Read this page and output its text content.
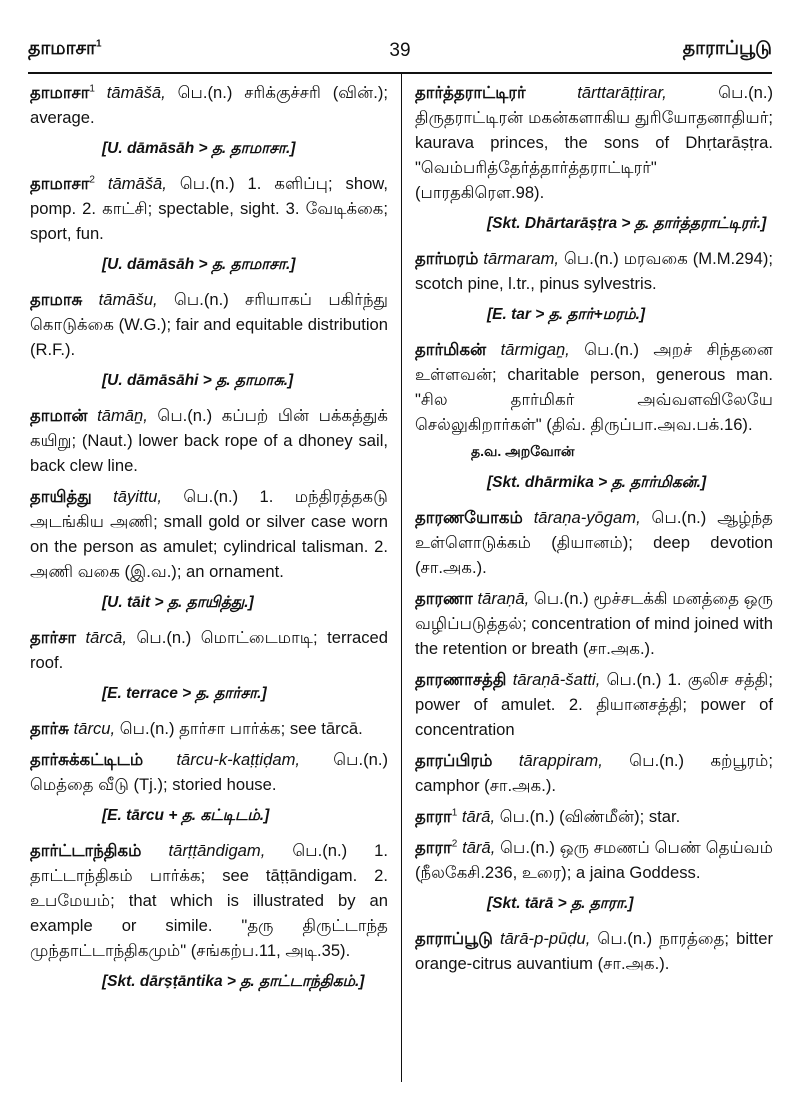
தாமாசா$^1$	39	தாராப்பூடு
தாமாசா$^1$ tāmāšā, பெ.(n.) சரிக்குச்சரி (வின்.); average.
[U. dāmāsāh > த. தாமாசா.]
தாமாசா$^2$ tāmāšā, பெ.(n.) 1. களிப்பு; show, pomp. 2. காட்சி; spectable, sight. 3. வேடிக்கை; sport, fun.
[U. dāmāsāh > த. தாமாசா.]
தாமாசு tāmāšu, பெ.(n.) சரியாகப் பகிர்ந்து கொடுக்கை (W.G.); fair and equitable distribution (R.F.).
[U. dāmāsāhi > த. தாமாசு.]
தாமான் tāmāṉ, பெ.(n.) கப்பற் பின் பக்கத்துக் கயிறு; (Naut.) lower back rope of a dhoney sail, back clew line.
தாயித்து tāyittu, பெ.(n.) 1. மந்திரத்தகடு அடங்கிய அணி; small gold or silver case worn on the person as amulet; cylindrical talisman. 2. அணி வகை (இ.வ.); an ornament.
[U. tāit > த. தாயித்து.]
தார்சா tārcā, பெ.(n.) மொட்டைமாடி; terraced roof.
[E. terrace > த. தார்சா.]
தார்சு tārcu, பெ.(n.) தார்சா பார்க்க; see tārcā.
தார்சுக்கட்டிடம் tārcu-k-kaṭṭiḍam, பெ.(n.) மெத்தை வீடு (Tj.); storied house.
[E. tārcu + த. கட்டிடம்.]
தார்ட்டாந்திகம் tārṭṭāndigam, பெ.(n.) 1. தாட்டாந்திகம் பார்க்க; see tāṭṭāndigam. 2. உபமேயம்; that which is illustrated by an example or simile. "தரு திருட்டாந்த முந்தாட்டாந்திகமும்" (சங்கற்ப.11, அடி.35).
[Skt. dārṣṭāntika > த. தாட்டாந்திகம்.]
தார்த்தராட்டிரர்	tārttarāṭṭirar, பெ.(n.) திருதராட்டிரன் மகன்களாகிய துரியோதனாதியர்; kaurava princes, the sons of Dhṛtarāṣṭra. "வெம்பரித்தேர்த்தார்த்தராட்டிரர்" (பாரதகிரௌ.98).
[Skt. Dhārtarāṣṭra > த. தார்த்தராட்டிரர்.]
தார்மரம் tārmaram, பெ.(n.) மரவகை (M.M.294); scotch pine, l.tr., pinus sylvestris.
[E. tar > த. தார்+மரம்.]
தார்மிகன் tārmigaṉ, பெ.(n.) அறச் சிந்தனை உள்ளவன்; charitable person, generous man. "சில தார்மிகர் அவ்வளவிலேயே செல்லுகிறார்கள்" (திவ். திருப்பா.அவ.பக்.16).
த.வ. அறவோன்
[Skt. dhārmika > த. தார்மிகன்.]
தாரணயோகம் tāraṇa-yōgam, பெ.(n.) ஆழ்ந்த உள்ளொடுக்கம் (தியானம்); deep devotion (சா.அக.).
தாரணா tāraṇā, பெ.(n.) மூச்சடக்கி மனத்தை ஒரு வழிப்படுத்தல்; concentration of mind joined with the retention or breath (சா.அக.).
தாரணாசத்தி tāraṇā-šatti, பெ.(n.) 1. குலிச சத்தி; power of amulet. 2. தியானசத்தி; power of concentration
தாரப்பிரம் tārappiram, பெ.(n.) கற்பூரம்; camphor (சா.அக.).
தாரா$^1$ tārā, பெ.(n.) (விண்மீன்); star.
தாரா$^2$ tārā, பெ.(n.) ஒரு சமணப் பெண் தெய்வம் (நீலகேசி.236, உரை); a jaina Goddess.
[Skt. tārā > த. தாரா.]
தாராப்பூடு tārā-p-pūḍu, பெ.(n.) நாரத்தை; bitter orange-citrus auvantium (சா.அக.).
